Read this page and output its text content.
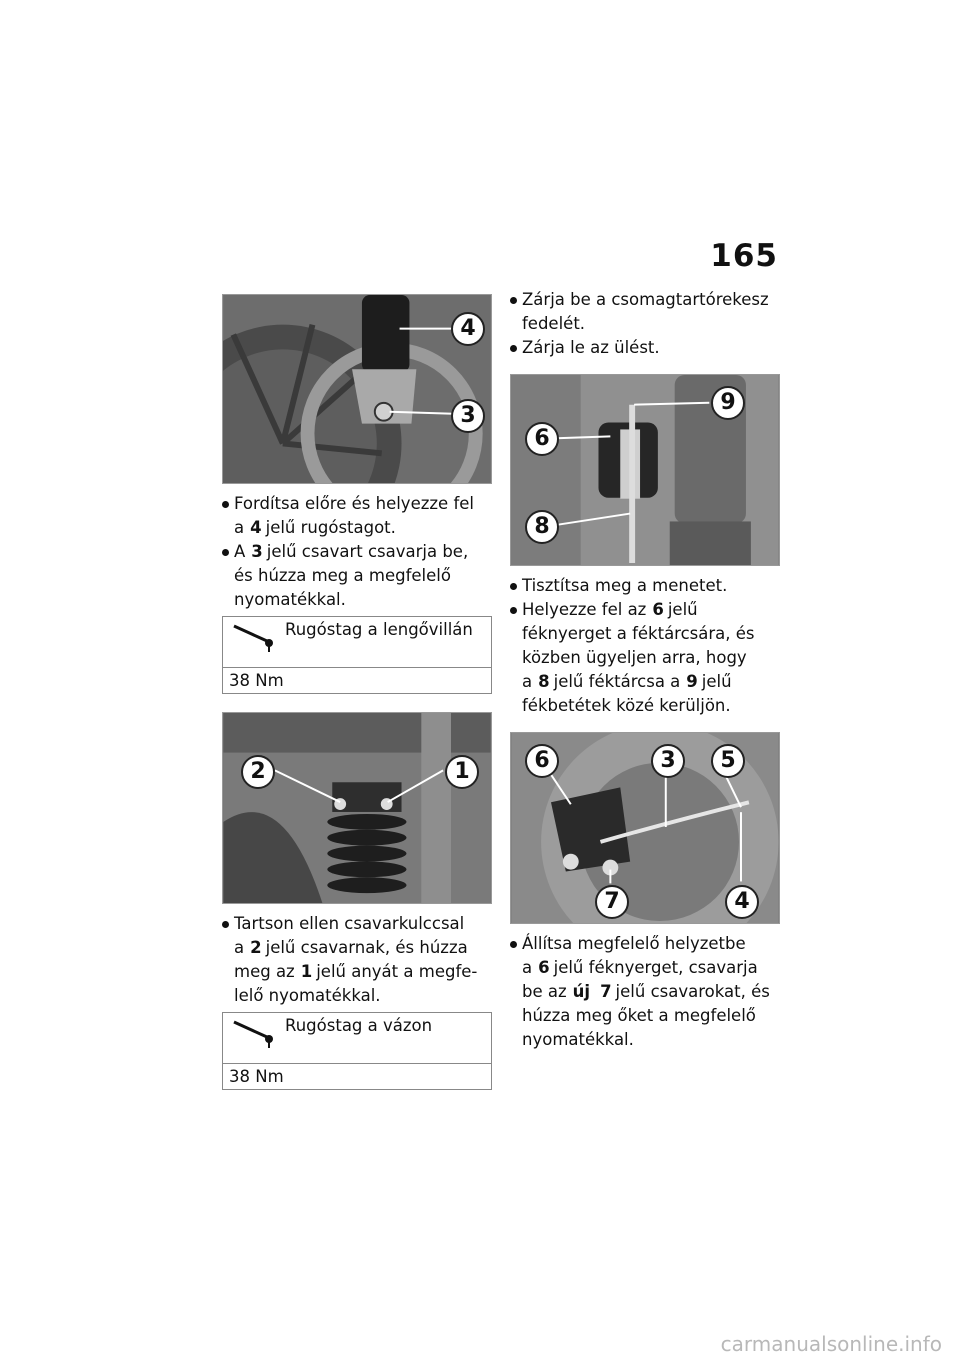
165
4
3
Fordítsa előre és helyezze fel a 4 jelű rugóstagot.
A 3 jelű csavart csavarja be, és húzza meg a megfelelő nyomatékkal.
Rugóstag a lengővillán
38 Nm
2	1
Tartson ellen csavarkulccsal a 2 jelű csavarnak, és húzza meg az 1 jelű anyát a megfe-lelő nyomatékkal.
Rugóstag a vázon
38 Nm
Zárja be a csomagtartórekesz fedelét.
Zárja le az ülést.
9
6
8
Tisztítsa meg a menetet.
Helyezze fel az 6 jelű féknyerget a féktárcsára, és közben ügyeljen arra, hogy a 8 jelű féktárcsa a 9 jelű fékbetétek közé kerüljön.
6	3	5
7	4
Állítsa megfelelő helyzetbe a 6 jelű féknyerget, csavarja be az új 7 jelű csavarokat, és húzza meg őket a megfelelő nyomatékkal.
carmanualsonline.info
